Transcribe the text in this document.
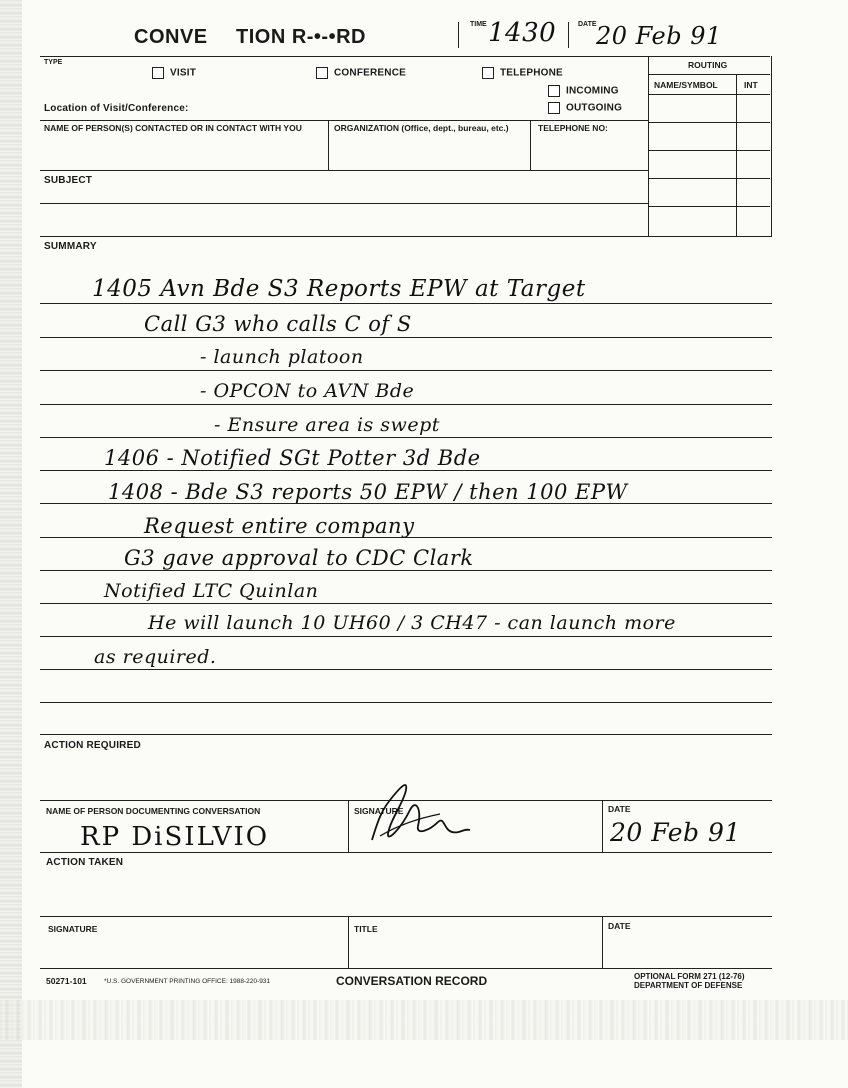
CONVE TION R‐•‐•RD
TIME 1430	DATE 20 Feb 91
TYPE
VISIT	CONFERENCE	TELEPHONE
INCOMING
OUTGOING
Location of Visit/Conference:
ROUTING
NAME/SYMBOL	INT
NAME OF PERSON(S) CONTACTED OR IN CONTACT WITH YOU	ORGANIZATION (Office, dept., bureau, etc.)	TELEPHONE NO:
SUBJECT
SUMMARY
1405 Avn Bde S3 Reports EPW at Target
Call G3 who calls C of S
- launch platoon
- OPCON to AVN Bde
- Ensure area is swept
1406 - Notified SGt Potter 3d Bde
1408 - Bde S3 reports 50 EPW / then 100 EPW
Request entire company
G3 gave approval to CDC Clark
Notified LTC Quinlan
He will launch 10 UH60 / 3 CH47 - can launch more
as required.
ACTION REQUIRED
NAME OF PERSON DOCUMENTING CONVERSATION
RP DiSILVIO
SIGNATURE	DATE
20 Feb 91
ACTION TAKEN
SIGNATURE	TITLE	DATE
50271-101	*U.S. GOVERNMENT PRINTING OFFICE: 1988-220-931	CONVERSATION RECORD	OPTIONAL FORM 271 (12-76)
DEPARTMENT OF DEFENSE
